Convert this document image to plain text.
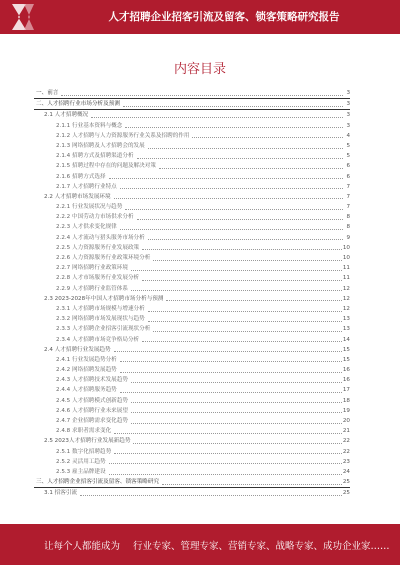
人才招聘企业招客引流及留客、锁客策略研究报告
内容目录
一、前言	3
二、人才招聘行业市场分析及预测	3
2.1 人才招聘概况	3
2.1.1 行业基本资料与概念	3
2.1.2 人才招聘与人力资源服务行业关系及招聘的作用	4
2.1.3 网络招聘及人才招聘会的发展	5
2.1.4 招聘方式及招聘渠道分析	5
2.1.5 招聘过程中存在的问题及解决对策	6
2.1.6 招聘方式选择	6
2.1.7 人才招聘行业特点	7
2.2 人才招聘市场发展环境	7
2.2.1 行业发展状况与趋势	7
2.2.2 中国劳动力市场供求分析	8
2.2.3 人才供求变化规律	8
2.2.4 人才流动与猎头服务市场分析	9
2.2.5 人力资源服务行业发展政策	10
2.2.6 人力资源服务行业政策环境分析	10
2.2.7 网络招聘行业政策环境	11
2.2.8 人才市场服务行业发展分析	11
2.2.9 人才招聘行业监管体系	12
2.3 2023-2028年中国人才招聘市场分析与预测	12
2.3.1 人才招聘市场规模与增速分析	12
2.3.2 网络招聘市场发展现状与趋势	13
2.3.3 人才招聘企业招客引流现状分析	13
2.3.4 人才招聘市场竞争格局分析	14
2.4 人才招聘行业发展趋势	15
2.4.1 行业发展趋势分析	15
2.4.2 网络招聘发展趋势	16
2.4.3 人才招聘技术发展趋势	16
2.4.4 人才招聘服务趋势	17
2.4.5 人才招聘模式创新趋势	18
2.4.6 人才招聘行业未来展望	19
2.4.7 企业招聘需求变化趋势	20
2.4.8 求职者需求变化	21
2.5 2023人才招聘行业发展新趋势	22
2.5.1 数字化招聘趋势	22
2.5.2 灵活用工趋势	23
2.5.3 雇主品牌建设	24
三、人才招聘企业招客引流及留客、锁客策略研究	25
3.1 招客引流	25
让每个人都能成为 行业专家、管理专家、营销专家、战略专家、成功企业家……
